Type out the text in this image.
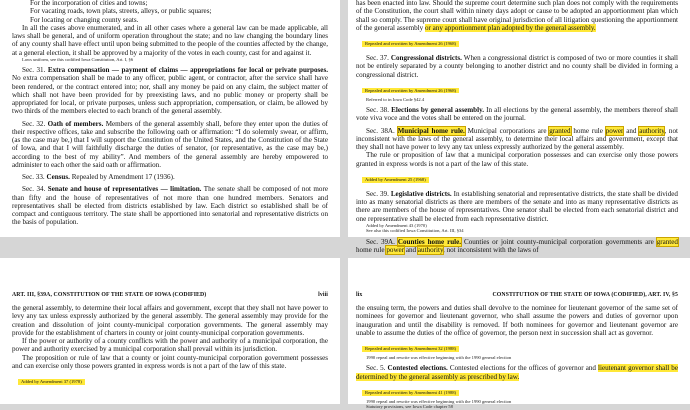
For the incorporation of cities and towns;

For vacating roads, town plats, streets, alleys, or public squares;

For locating or changing county seats.

In all the cases above enumerated, and in all other cases where a general law can be made applicable, all laws shall be general, and of uniform operation throughout the state; and no law changing the boundary lines of any county shall have effect until upon being submitted to the people of the counties affected by the change, at a general election, it shall be approved by a majority of the votes in each county, cast for and against it.

Laws uniform, see this codified Iowa Constitution, Art. I, §6

Sec. 31. Extra compensation — payment of claims — appropriations for local or private purposes. No extra compensation shall be made to any officer, public agent, or contractor, after the service shall have been rendered, or the contract entered into; nor, shall any money be paid on any claim, the subject matter of which shall not have been provided for by preexisting laws, and no public money or property shall be appropriated for local, or private purposes, unless such appropriation, compensation, or claim, be allowed by two thirds of the members elected to each branch of the general assembly.

Sec. 32. Oath of members. Members of the general assembly shall, before they enter upon the duties of their respective offices, take and subscribe the following oath or affirmation: “I do solemnly swear, or affirm, (as the case may be,) that I will support the Constitution of the United States, and the Constitution of the State of Iowa, and that I will faithfully discharge the duties of senator, (or representative, as the case may be,) according to the best of my ability”. And members of the general assembly are hereby empowered to administer to each other the said oath or affirmation.

Sec. 33. Census. Repealed by Amendment 17 (1936).

Sec. 34. Senate and house of representatives — limitation. The senate shall be composed of not more than fifty and the house of representatives of not more than one hundred members. Senators and representatives shall be elected from districts established by law. Each district so established shall be of compact and contiguous territory. The state shall be apportioned into senatorial and representative districts on the basis of population.

has been enacted into law. Should the supreme court determine such plan does not comply with the requirements of the Constitution, the court shall within ninety days adopt or cause to be adopted an apportionment plan which shall so comply. The supreme court shall have original jurisdiction of all litigation questioning the apportionment of the general assembly or any apportionment plan adopted by the general assembly.

Repealed and rewritten by Amendment 26 (1968)

Sec. 37. Congressional districts. When a congressional district is composed of two or more counties it shall not be entirely separated by a county belonging to another district and no county shall be divided in forming a congressional district.

Repealed and rewritten by Amendment 26 (1968)

Referred to in Iowa Code §42.4

Sec. 38. Elections by general assembly. In all elections by the general assembly, the members thereof shall vote viva voce and the votes shall be entered on the journal.

Sec. 38A. Municipal home rule. Municipal corporations are granted home rule power and authority, not inconsistent with the laws of the general assembly, to determine their local affairs and government, except that they shall not have power to levy any tax unless expressly authorized by the general assembly.

The rule or proposition of law that a municipal corporation possesses and can exercise only those powers granted in express words is not a part of the law of this state.

Added by Amendment 25 (1968)

Sec. 39. Legislative districts. In establishing senatorial and representative districts, the state shall be divided into as many senatorial districts as there are members of the senate and into as many representative districts as there are members of the house of representatives. One senator shall be elected from each senatorial district and one representative shall be elected from each representative district.

Added by Amendment 43 (1970)

See also this codified Iowa Constitution, Art. III, §34

Sec. 39A. Counties home rule. Counties or joint county-municipal corporation governments are granted home rule power and authority, not inconsistent with the laws of

ART. III, §39A, CONSTITUTION OF THE STATE OF IOWA (CODIFIED)	lviii

the general assembly, to determine their local affairs and government, except that they shall not have power to levy any tax unless expressly authorized by the general assembly. The general assembly may provide for the creation and dissolution of joint county-municipal corporation governments. The general assembly may provide for the establishment of charters in county or joint county-municipal corporation governments.

If the power or authority of a county conflicts with the power and authority of a municipal corporation, the power and authority exercised by a municipal corporation shall prevail within its jurisdiction.

The proposition or rule of law that a county or joint county-municipal corporation government possesses and can exercise only those powers granted in express words is not a part of the law of this state.

Added by Amendment 37 (1978)
lix	CONSTITUTION OF THE STATE OF IOWA (CODIFIED), ART. IV, §5

the ensuing term, the powers and duties shall devolve to the nominee for lieutenant governor of the same set of nominees for governor and lieutenant governor, who shall assume the powers and duties of governor upon inauguration and until the disability is removed. If both nominees for governor and lieutenant governor are unable to assume the duties of the office of governor, the person next in succession shall act as governor.

Repealed and rewritten by Amendment 32 (1988)

1990 repeal and rewrite was effective beginning with the 1990 general election

Sec. 5. Contested elections. Contested elections for the offices of governor and lieutenant governor shall be determined by the general assembly as prescribed by law.

Repealed and rewritten by Amendment 41 (1988)

1990 repeal and rewrite was effective beginning with the 1990 general election

Statutory provisions, see Iowa Code chapter 58
